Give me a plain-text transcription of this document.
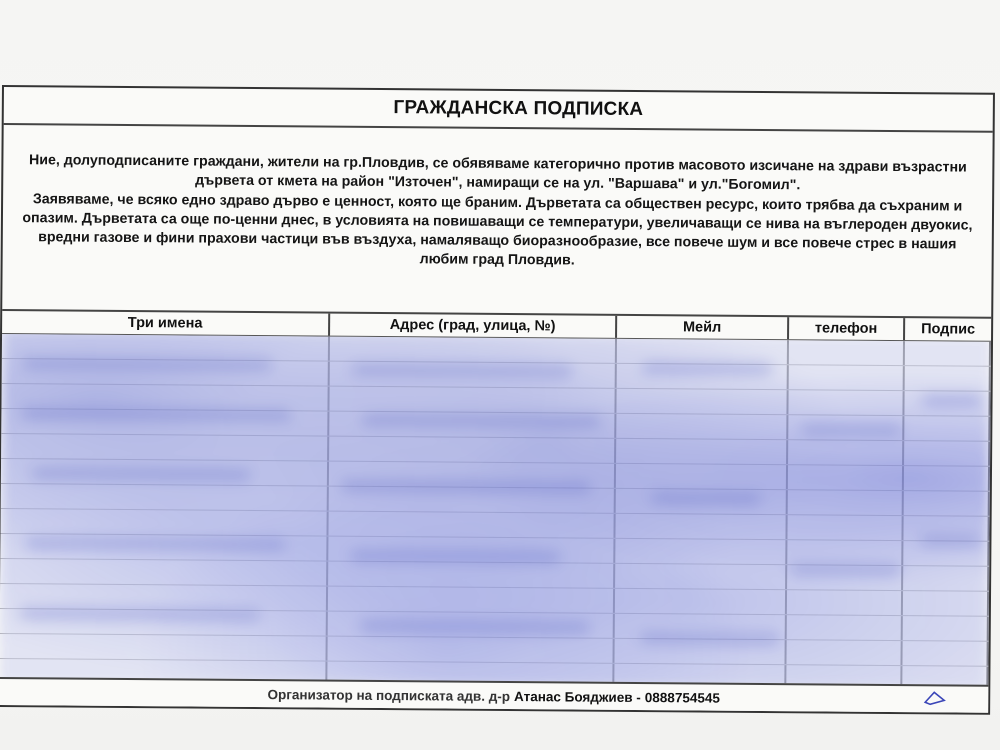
ГРАЖДАНСКА ПОДПИСКА

Ние, долуподписаните граждани, жители на гр.Пловдив, се обявяваме категорично против масовото изсичане на здрави възрастни дървета от кмета на район "Източен", намиращи се на ул. "Варшава" и ул."Богомил".

Заявяваме, че всяко едно здраво дърво е ценност, която ще браним. Дърветата са обществен ресурс, които трябва да съхраним и опазим. Дърветата са още по-ценни днес, в условията на повишаващи се температури, увеличаващи се нива на въглероден двуокис, вредни газове и фини прахови частици във въздуха, намаляващо биоразнообразие, все повече шум и все повече стрес в нашия любим град Пловдив.

Три имена	Адрес (град, улица, №)	Мейл	телефон	Подпис
Организатор на подписката адв. д-р Атанас Бояджиев - 0888754545
